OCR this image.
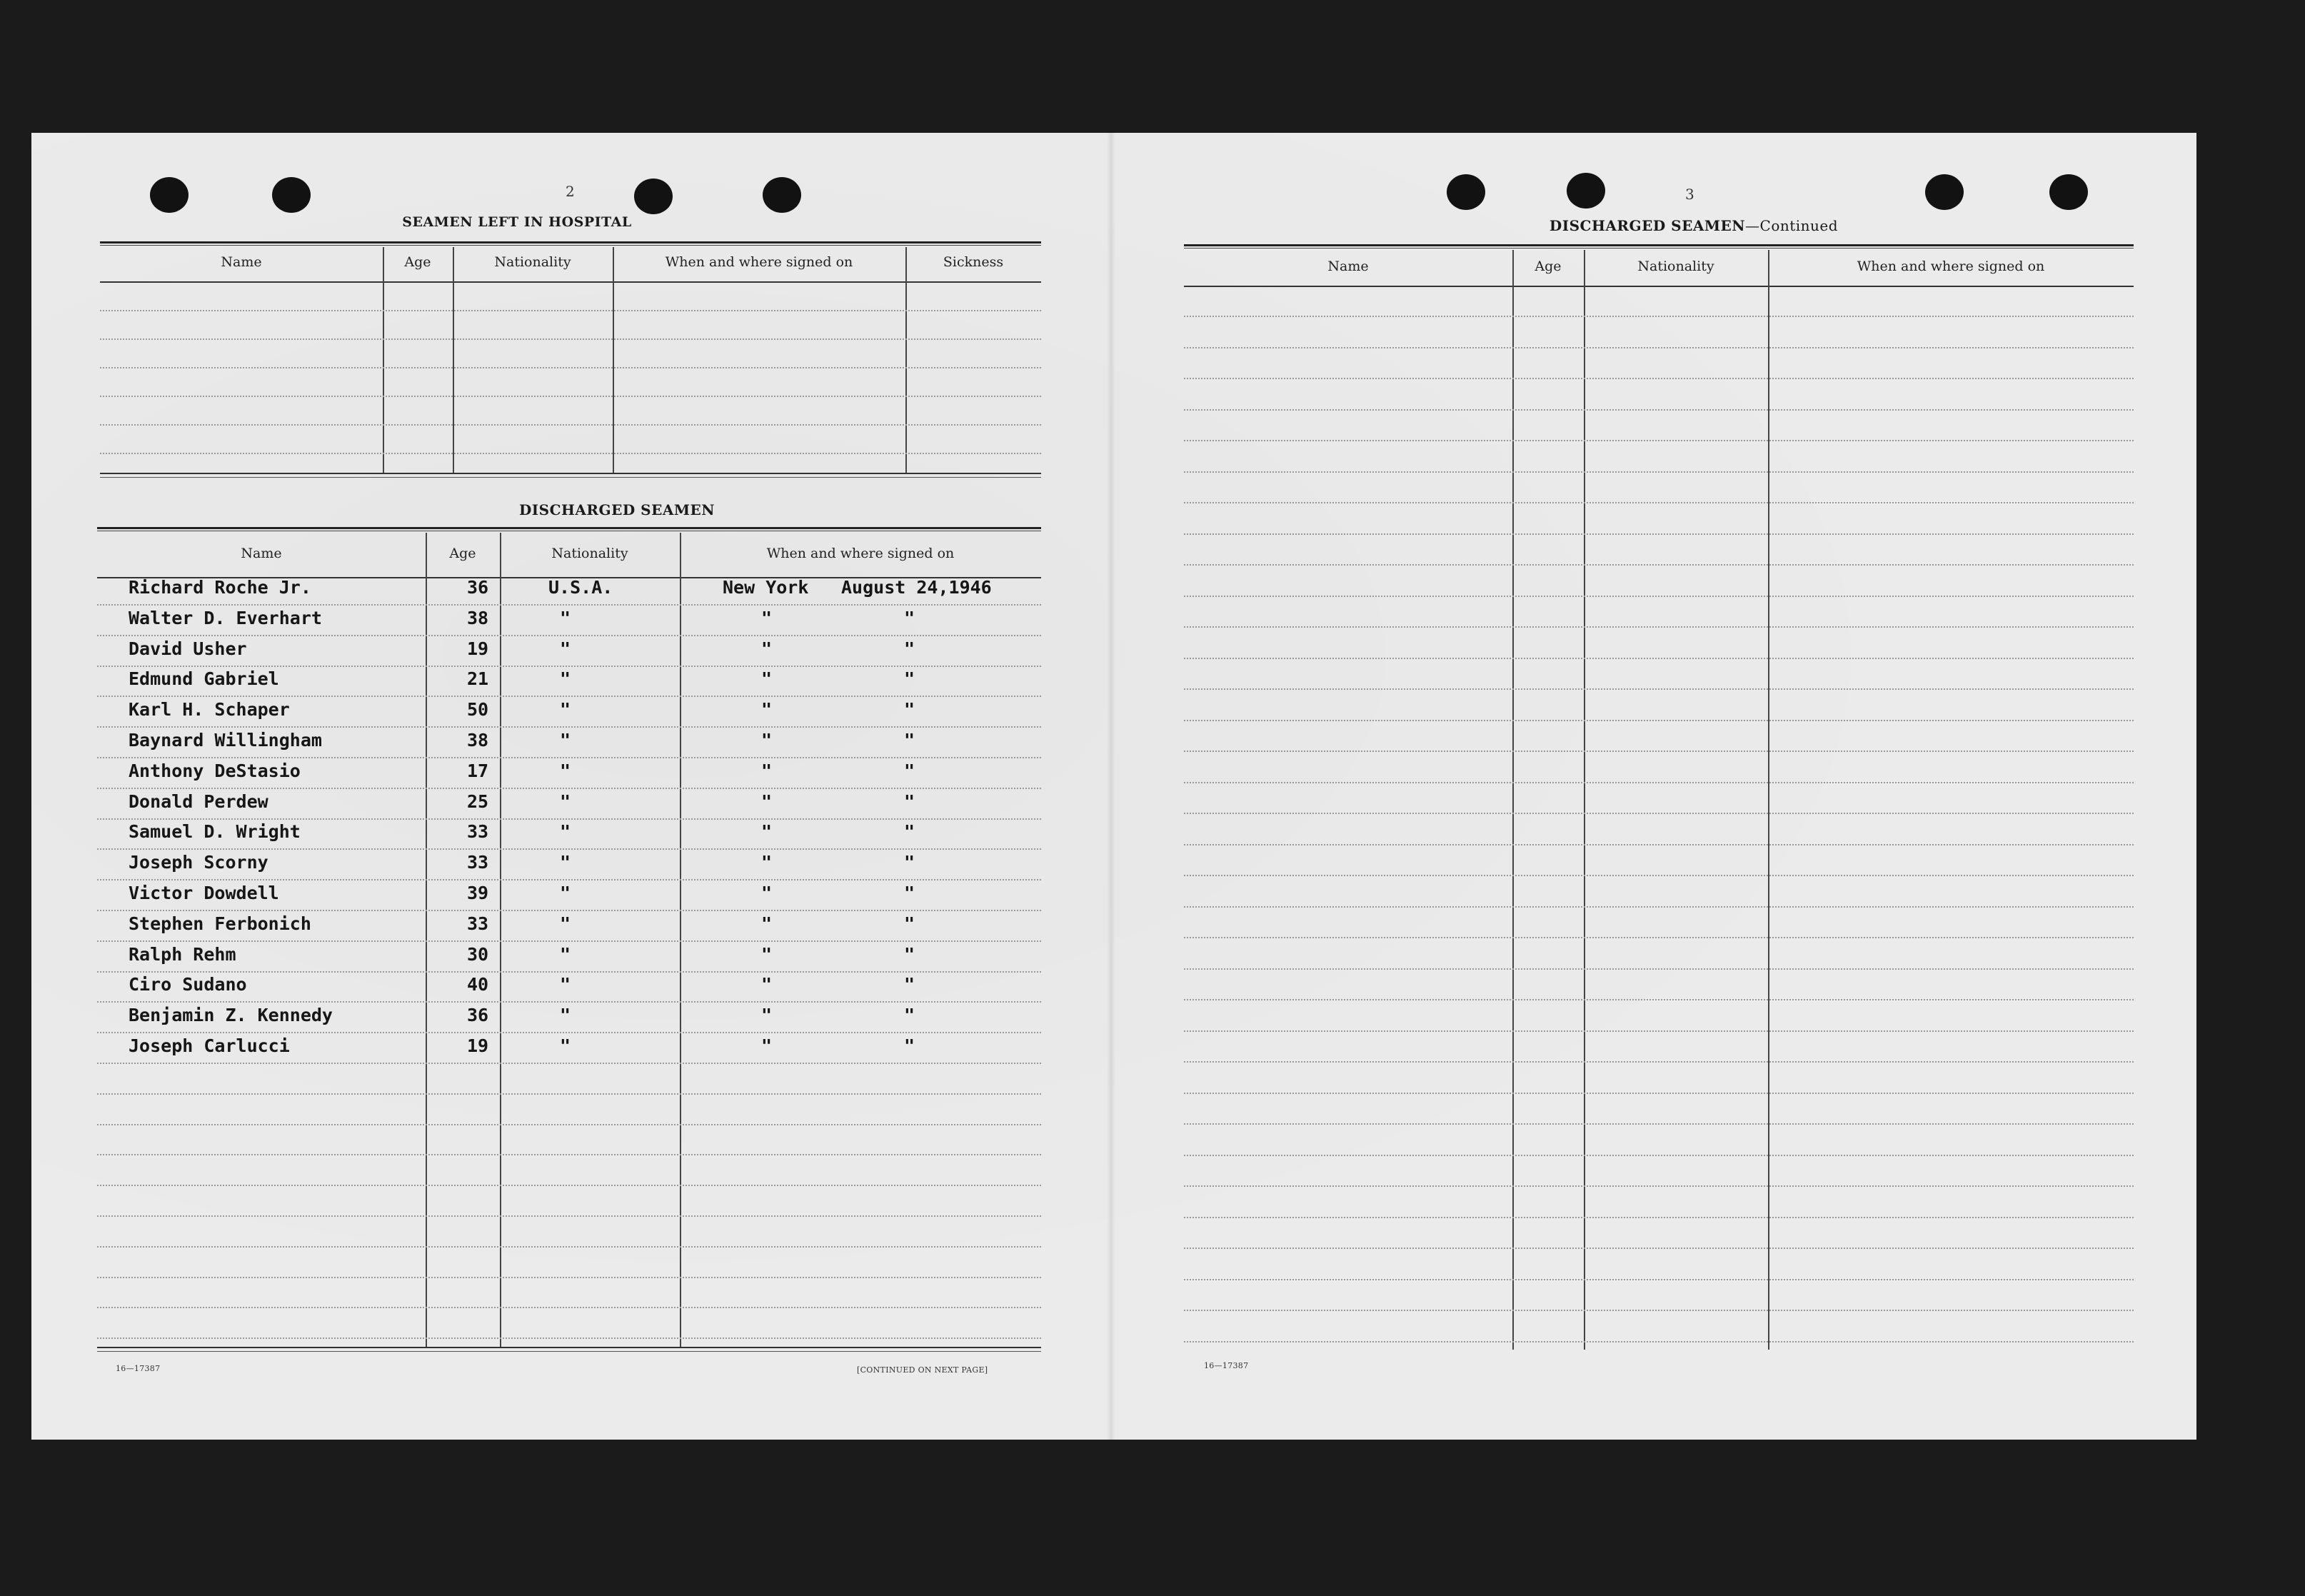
2
SEAMEN LEFT IN HOSPITAL
Name	Age	Nationality	When and where signed on	Sickness
DISCHARGED SEAMEN
Name	Age	Nationality	When and where signed on
Richard Roche Jr.	36	U.S.A.	New York August 24,1946
Walter D. Everhart	38	"	"	"
David Usher	19	"	"	"
Edmund Gabriel	21	"	"	"
Karl H. Schaper	50	"	"	"
Baynard Willingham	38	"	"	"
Anthony DeStasio	17	"	"	"
Donald Perdew	25	"	"	"
Samuel D. Wright	33	"	"	"
Joseph Scorny	33	"	"	"
Victor Dowdell	39	"	"	"
Stephen Ferbonich	33	"	"	"
Ralph Rehm	30	"	"	"
Ciro Sudano	40	"	"	"
Benjamin Z. Kennedy	36	"	"	"
Joseph Carlucci	19	"	"	"
16—17387	[CONTINUED ON NEXT PAGE]
3
DISCHARGED SEAMEN—Continued
Name	Age	Nationality	When and where signed on
16—17387
